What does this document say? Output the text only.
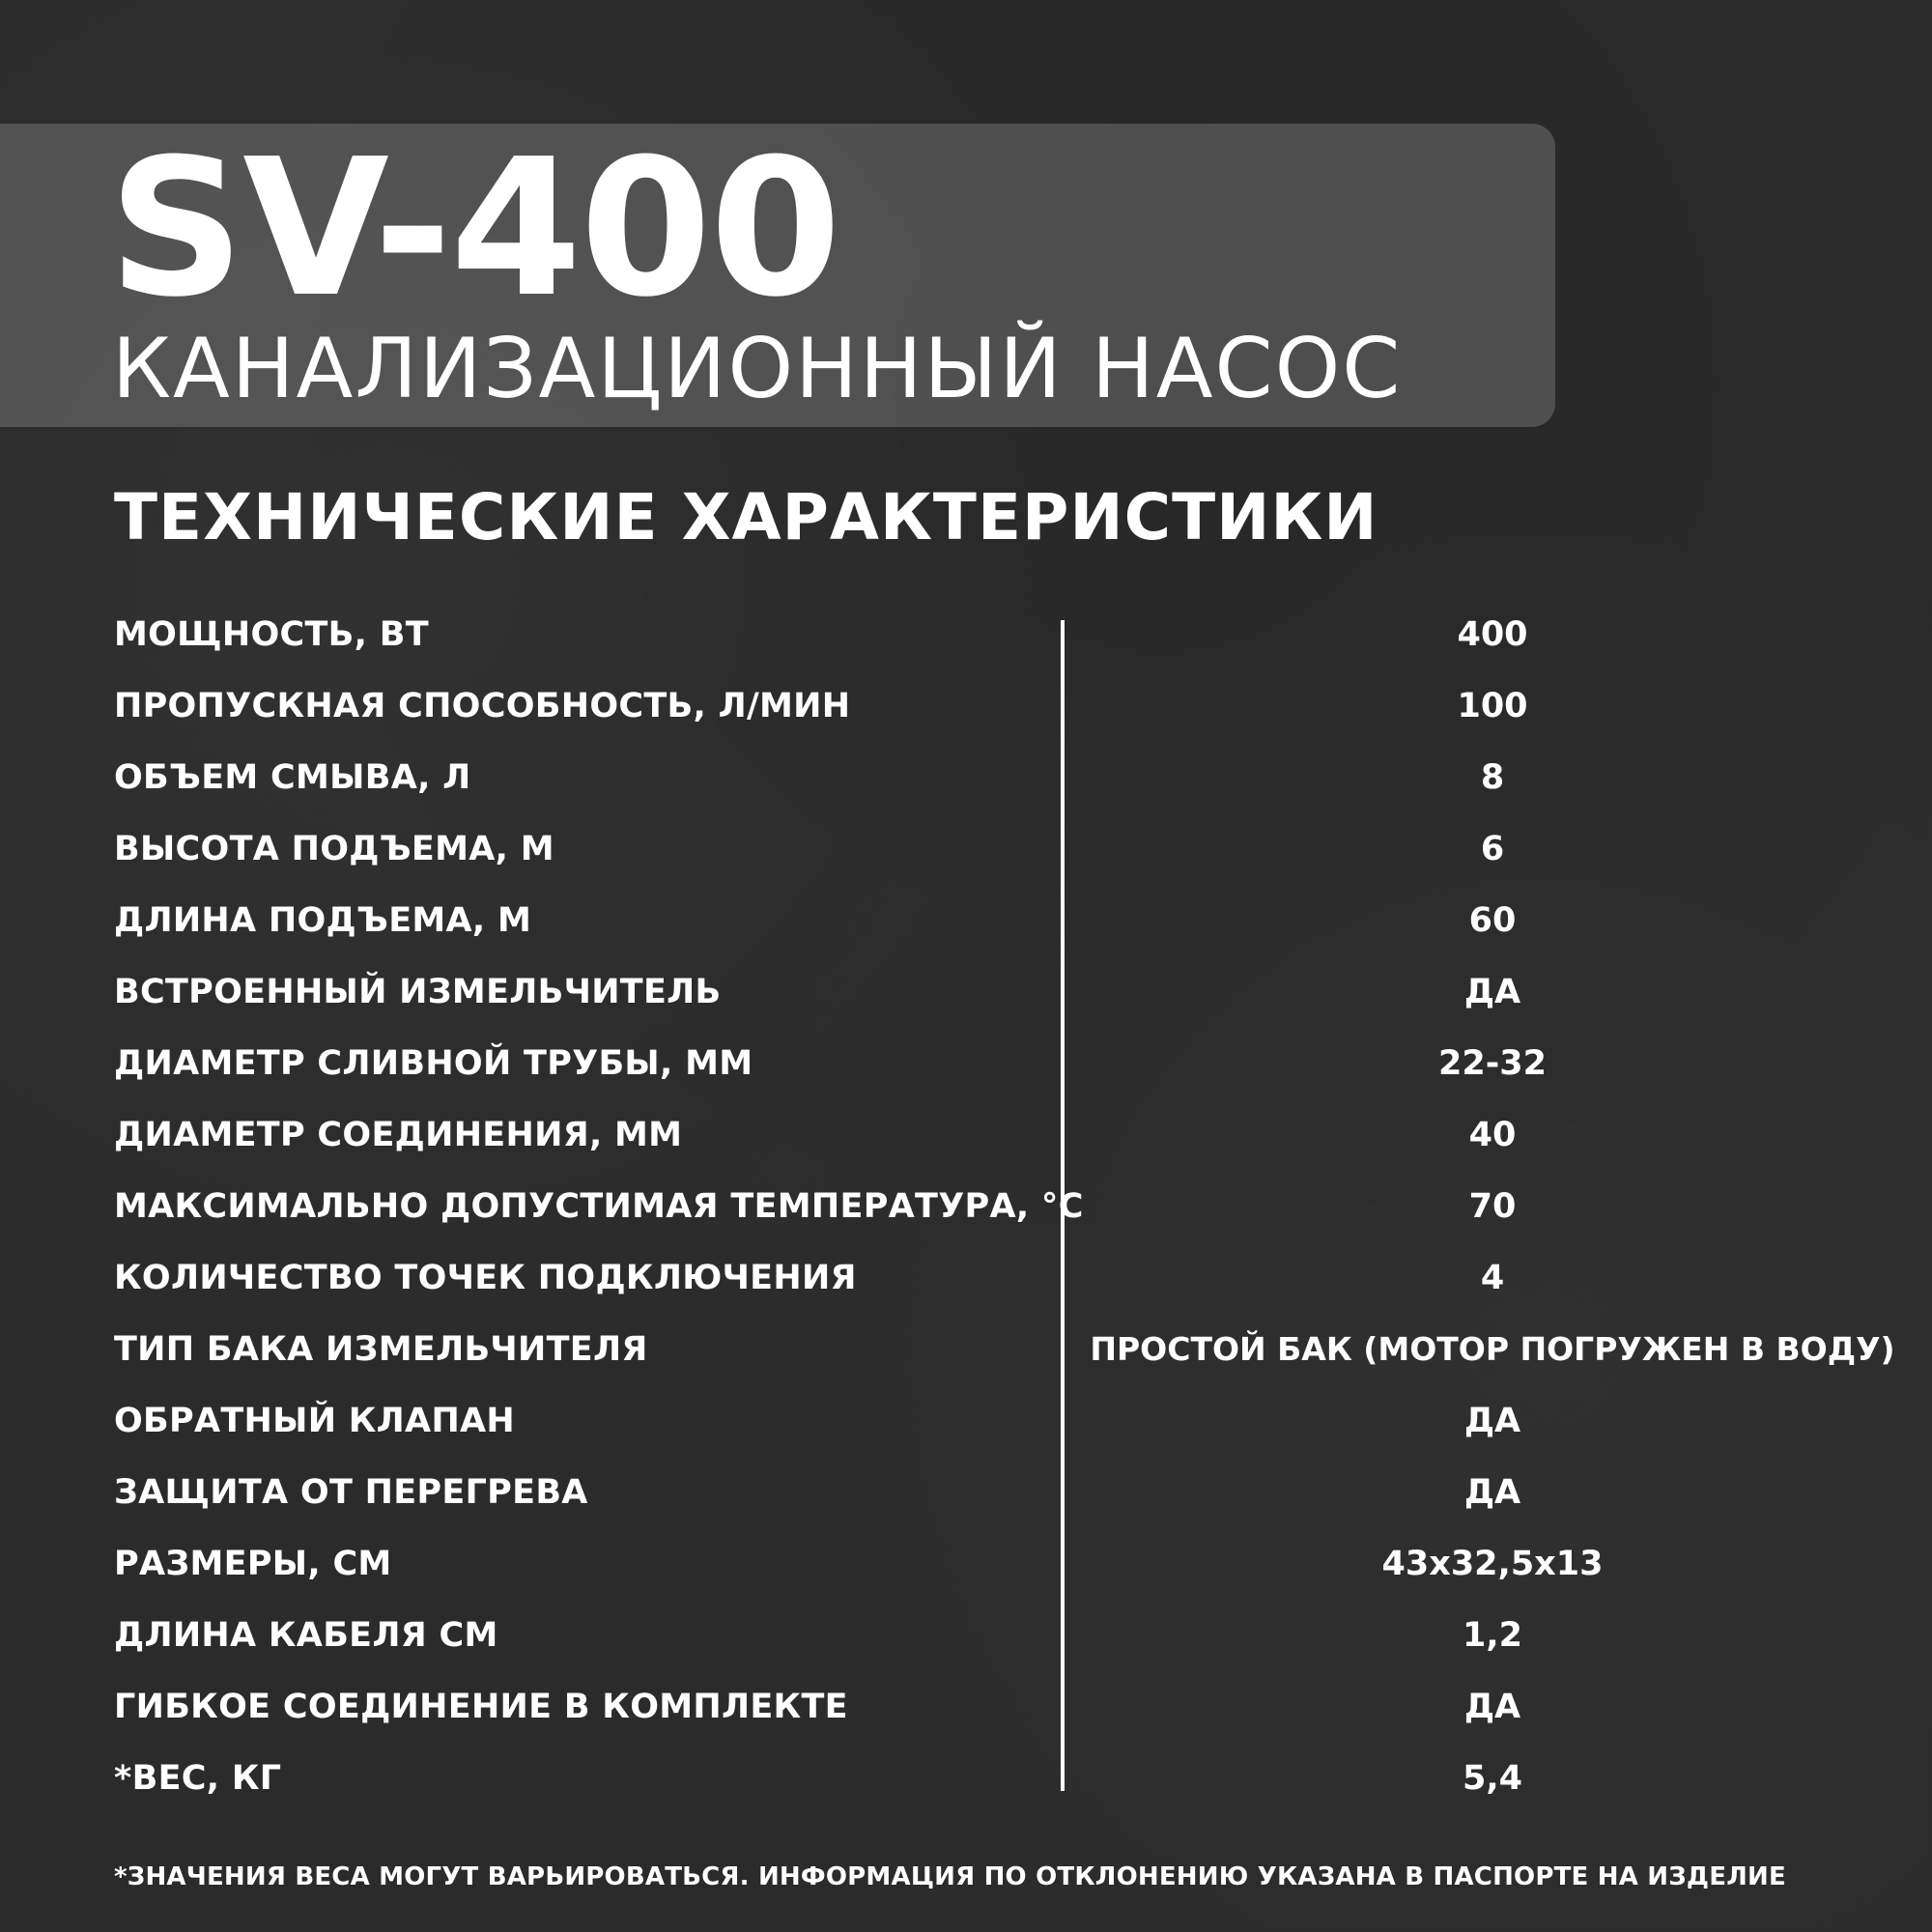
SV-400
КАНАЛИЗАЦИОННЫЙ НАСОС
ТЕХНИЧЕСКИЕ ХАРАКТЕРИСТИКИ
МОЩНОСТЬ, ВТ	400
ПРОПУСКНАЯ СПОСОБНОСТЬ, Л/МИН	100
ОБЪЕМ СМЫВА, Л	8
ВЫСОТА ПОДЪЕМА, М	6
ДЛИНА ПОДЪЕМА, М	60
ВСТРОЕННЫЙ ИЗМЕЛЬЧИТЕЛЬ	ДА
ДИАМЕТР СЛИВНОЙ ТРУБЫ, ММ	22-32
ДИАМЕТР СОЕДИНЕНИЯ, ММ	40
МАКСИМАЛЬНО ДОПУСТИМАЯ ТЕМПЕРАТУРА, °С	70
КОЛИЧЕСТВО ТОЧЕК ПОДКЛЮЧЕНИЯ	4
ТИП БАКА ИЗМЕЛЬЧИТЕЛЯ	ПРОСТОЙ БАК (МОТОР ПОГРУЖЕН В ВОДУ)
ОБРАТНЫЙ КЛАПАН	ДА
ЗАЩИТА ОТ ПЕРЕГРЕВА	ДА
РАЗМЕРЫ, СМ	43x32,5x13
ДЛИНА КАБЕЛЯ СМ	1,2
ГИБКОЕ СОЕДИНЕНИЕ В КОМПЛЕКТЕ	ДА
*ВЕС, КГ	5,4

*ЗНАЧЕНИЯ ВЕСА МОГУТ ВАРЬИРОВАТЬСЯ. ИНФОРМАЦИЯ ПО ОТКЛОНЕНИЮ УКАЗАНА В ПАСПОРТЕ НА ИЗДЕЛИЕ
